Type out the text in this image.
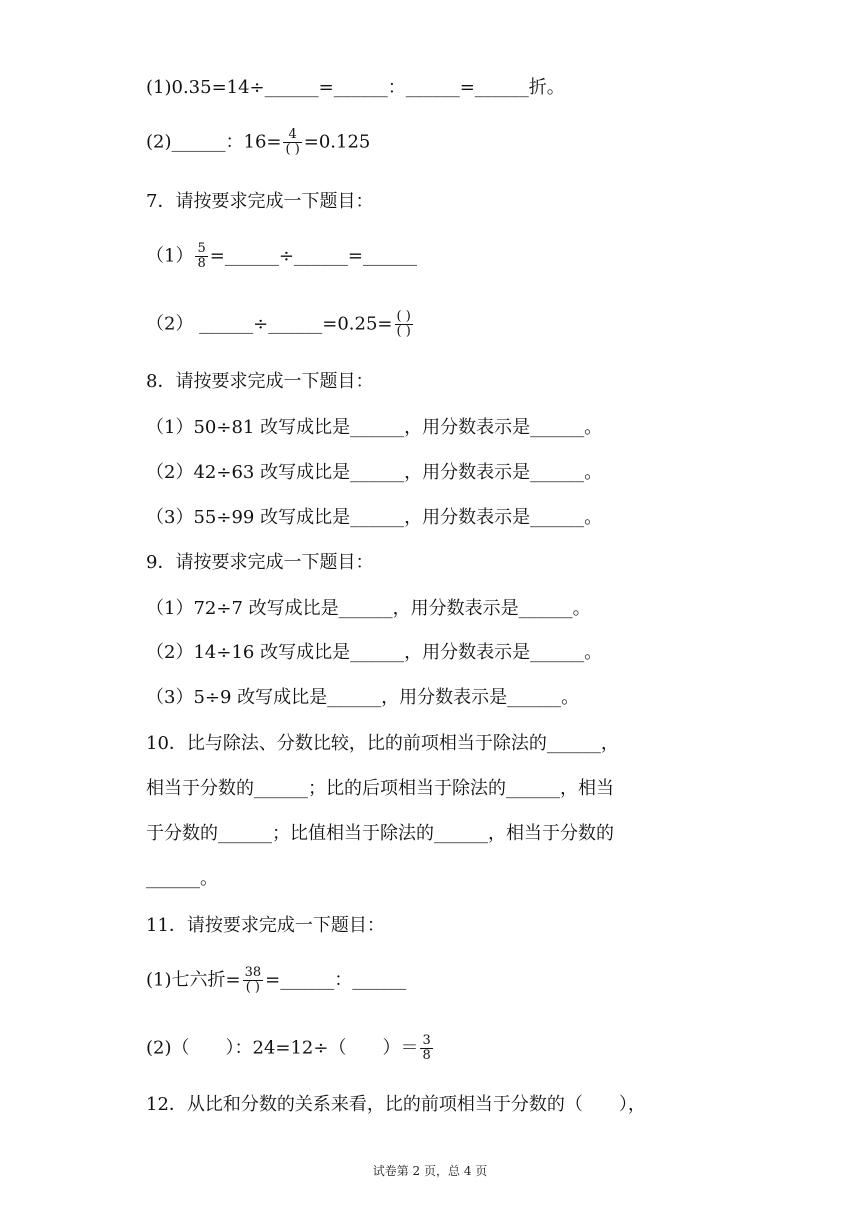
(1)0.35=14÷______=______：______=______折。
(2)______：$16= \frac{4}{( )} =0.125$
7．请按要求完成一下题目：
$(1) \frac{5}{8}$ =______÷______=______
（2） ______÷______=0.25= $\frac{( )}{( )}$
8．请按要求完成一下题目：
（1）50÷81 改写成比是______，用分数表示是______。
（2）42÷63 改写成比是______，用分数表示是______。
（3）55÷99 改写成比是______，用分数表示是______。
9．请按要求完成一下题目：
（1）72÷7 改写成比是______，用分数表示是______。
（2）14÷16 改写成比是______，用分数表示是______。
（3）5÷9 改写成比是______，用分数表示是______。
10．比与除法、分数比较，比的前项相当于除法的______，
相当于分数的______；比的后项相当于除法的______，相当
于分数的______；比值相当于除法的______，相当于分数的
______。
11．请按要求完成一下题目：
(1)七六折= $\frac{38}{( )}$ =______：______
(2)（　　）：24=12÷（　　）＝ $\frac{3}{8}$
12．从比和分数的关系来看，比的前项相当于分数的（　　），
试卷第 2 页，总 4 页
